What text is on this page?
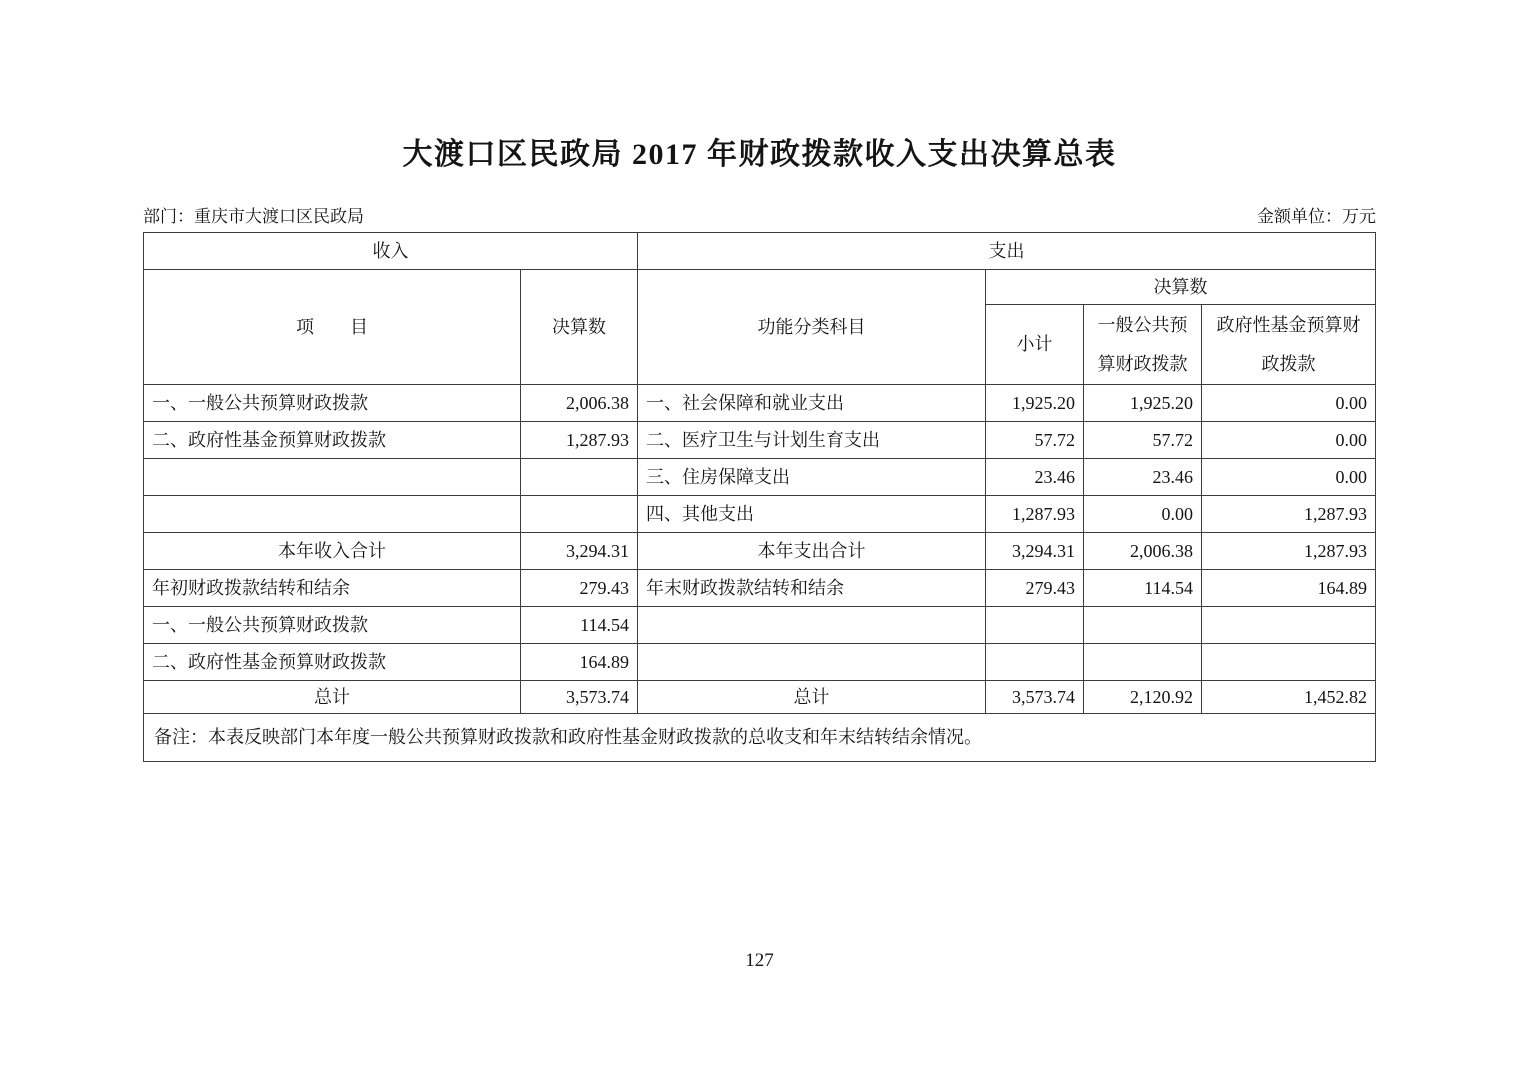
大渡口区民政局 2017 年财政拨款收入支出决算总表
部门：重庆市大渡口区民政局	金额单位：万元
收入		支出			
项　　目	决算数	功能分类科目	决算数		
			小计	一般公共预算财政拨款	政府性基金预算财政拨款
一、一般公共预算财政拨款	2,006.38	一、社会保障和就业支出	1,925.20	1,925.20	0.00
二、政府性基金预算财政拨款	1,287.93	二、医疗卫生与计划生育支出	57.72	57.72	0.00
		三、住房保障支出	23.46	23.46	0.00
		四、其他支出	1,287.93	0.00	1,287.93
本年收入合计	3,294.31	本年支出合计	3,294.31	2,006.38	1,287.93
年初财政拨款结转和结余	279.43	年末财政拨款结转和结余	279.43	114.54	164.89
一、一般公共预算财政拨款	114.54				
二、政府性基金预算财政拨款	164.89				
总计	3,573.74	总计	3,573.74	2,120.92	1,452.82
备注：本表反映部门本年度一般公共预算财政拨款和政府性基金财政拨款的总收支和年末结转结余情况。					
127
